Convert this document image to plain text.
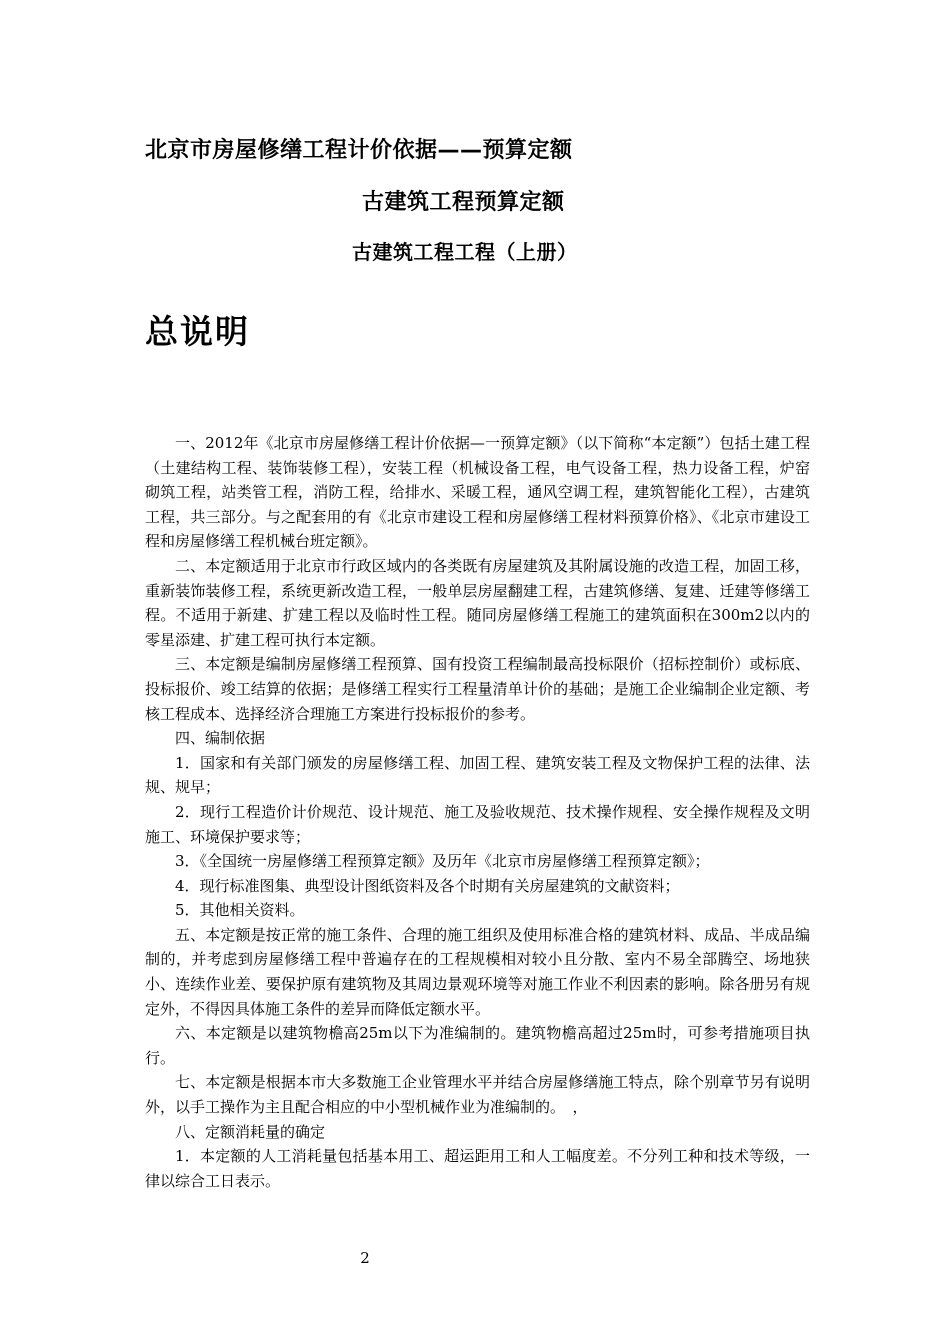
北京市房屋修缮工程计价依据——预算定额
古建筑工程预算定额
古建筑工程工程（上册）
总说明

一、2012年《北京市房屋修缮工程计价依据—一预算定额》（以下简称“本定额”）包括土建工程（土建结构工程、装饰装修工程），安装工程（机械设备工程，电气设备工程，热力设备工程，炉窑砌筑工程，站类管工程，消防工程，给排水、采暖工程，通风空调工程，建筑智能化工程），古建筑工程，共三部分。与之配套用的有《北京市建设工程和房屋修缮工程材料预算价格》、《北京市建设工程和房屋修缮工程机械台班定额》。

二、本定额适用于北京市行政区域内的各类既有房屋建筑及其附属设施的改造工程，加固工移，重新装饰装修工程，系统更新改造工程，一般单层房屋翻建工程，古建筑修缮、复建、迁建等修缮工程。不适用于新建、扩建工程以及临时性工程。随同房屋修缮工程施工的建筑面积在300m2以内的零星添建、扩建工程可执行本定额。

三、本定额是编制房屋修缮工程预算、国有投资工程编制最高投标限价（招标控制价）或标底、投标报价、竣工结算的依据；是修缮工程实行工程量清单计价的基础；是施工企业编制企业定额、考核工程成本、选择经济合理施工方案进行投标报价的参考。

四、编制依据

1．国家和有关部门颁发的房屋修缮工程、加固工程、建筑安装工程及文物保护工程的法律、法规、规早；

2．现行工程造价计价规范、设计规范、施工及验收规范、技术操作规程、安全操作规程及文明施工、环境保护要求等；

3．《全国统一房屋修缮工程预算定额》及历年《北京市房屋修缮工程预算定额》；

4．现行标准图集、典型设计图纸资料及各个时期有关房屋建筑的文献资料；

5．其他相关资料。

五、本定额是按正常的施工条件、合理的施工组织及使用标准合格的建筑材料、成品、半成品编制的，并考虑到房屋修缮工程中普遍存在的工程规模相对较小且分散、室内不易全部腾空、场地狭小、连续作业差、要保护原有建筑物及其周边景观环境等对施工作业不利因素的影响。除各册另有规定外，不得因具体施工条件的差异而降低定额水平。

六、本定额是以建筑物檐高25m以下为准编制的。建筑物檐高超过25m时，可参考措施项目执行。

七、本定额是根据本市大多数施工企业管理水平并结合房屋修缮施工特点，除个别章节另有说明外，以手工操作为主且配合相应的中小型机械作业为准编制的。　，

八、定额消耗量的确定

1．本定额的人工消耗量包括基本用工、超运距用工和人工幅度差。不分列工种和技术等级，一律以综合工日表示。

2
